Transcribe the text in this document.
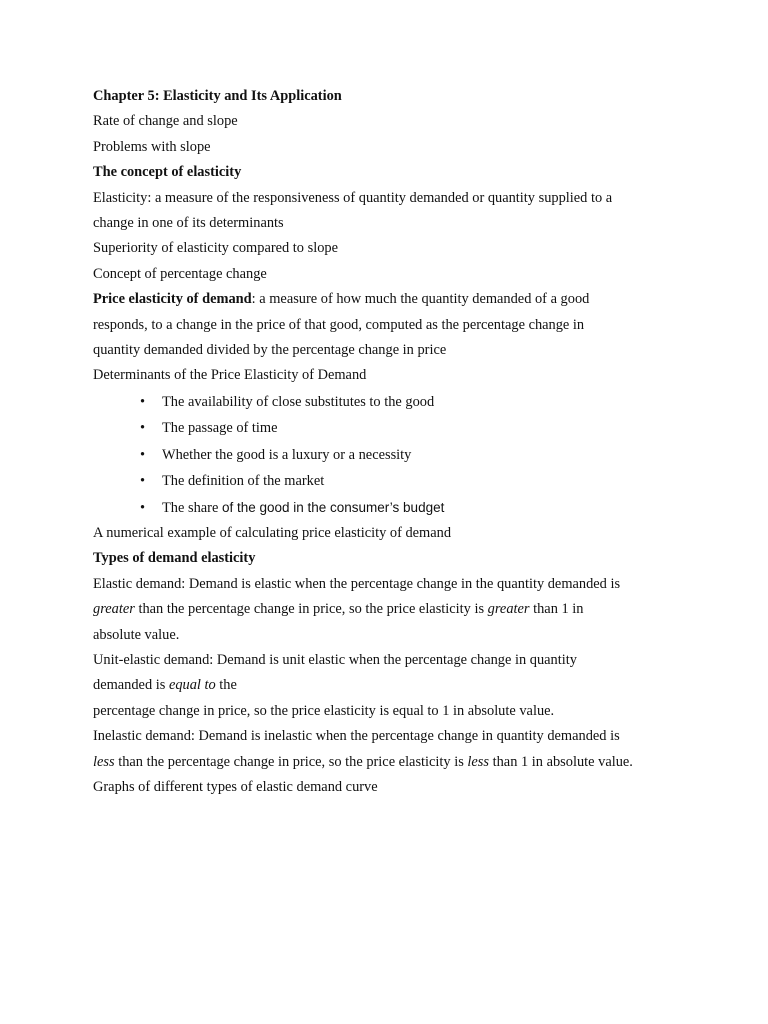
Chapter 5: Elasticity and Its Application
Rate of change and slope
Problems with slope
The concept of elasticity
Elasticity: a measure of the responsiveness of quantity demanded or quantity supplied to a
change in one of its determinants
Superiority of elasticity compared to slope
Concept of percentage change
Price elasticity of demand: a measure of how much the quantity demanded of a good
responds, to a change in the price of that good, computed as the percentage change in
quantity demanded divided by the percentage change in price
Determinants of the Price Elasticity of Demand
• The availability of close substitutes to the good
• The passage of time
• Whether the good is a luxury or a necessity
• The definition of the market
• The share of the good in the consumer’s budget
A numerical example of calculating price elasticity of demand
Types of demand elasticity
Elastic demand: Demand is elastic when the percentage change in the quantity demanded is
greater than the percentage change in price, so the price elasticity is greater than 1 in
absolute value.
Unit-elastic demand: Demand is unit elastic when the percentage change in quantity
demanded is equal to the
percentage change in price, so the price elasticity is equal to 1 in absolute value.
Inelastic demand: Demand is inelastic when the percentage change in quantity demanded is
less than the percentage change in price, so the price elasticity is less than 1 in absolute value.
Graphs of different types of elastic demand curve
